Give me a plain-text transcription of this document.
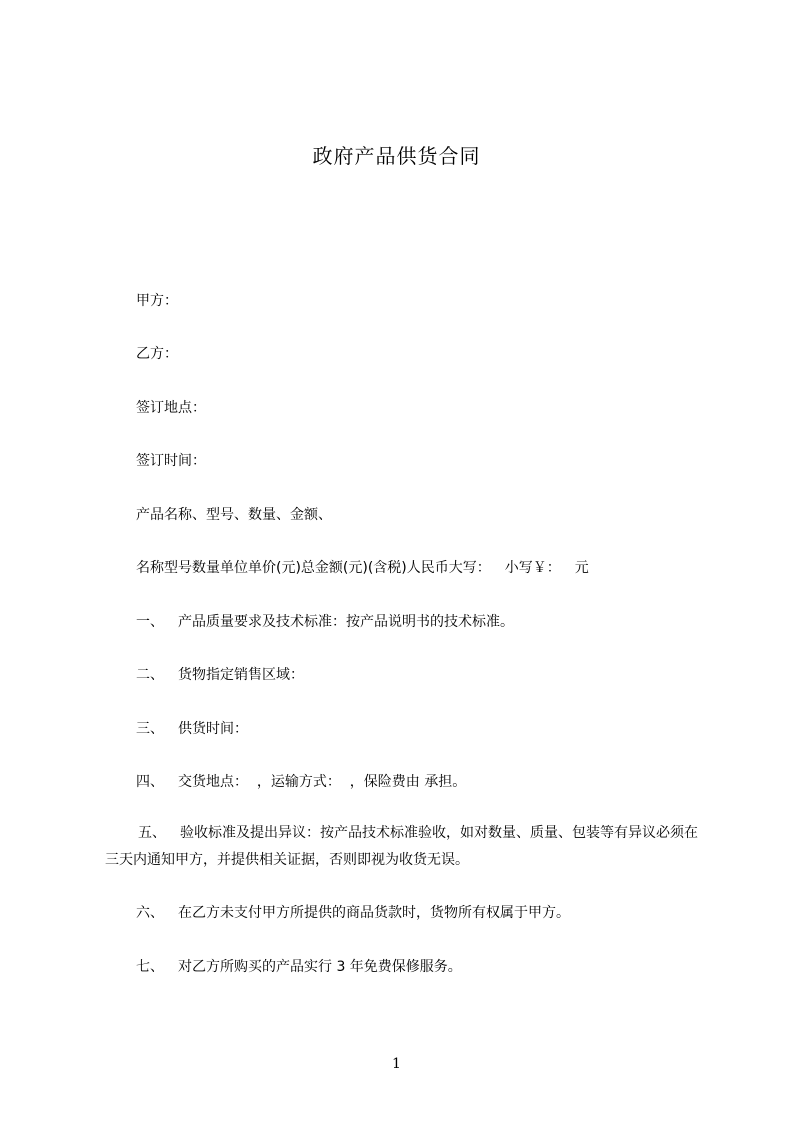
政府产品供货合同
甲方：
乙方：
签订地点：
签订时间：
产品名称、型号、数量、金额、
名称型号数量单位单价(元)总金额(元)(含税)人民币大写： 小写￥： 元
一、 产品质量要求及技术标准：按产品说明书的技术标准。
二、 货物指定销售区域：
三、 供货时间：
四、 交货地点：  ，运输方式：  ，保险费由 承担。
五、 验收标准及提出异议：按产品技术标准验收，如对数量、质量、包装等有异议必须在三天内通知甲方，并提供相关证据，否则即视为收货无误。
六、 在乙方未支付甲方所提供的商品货款时，货物所有权属于甲方。
七、 对乙方所购买的产品实行 3 年免费保修服务。
1
